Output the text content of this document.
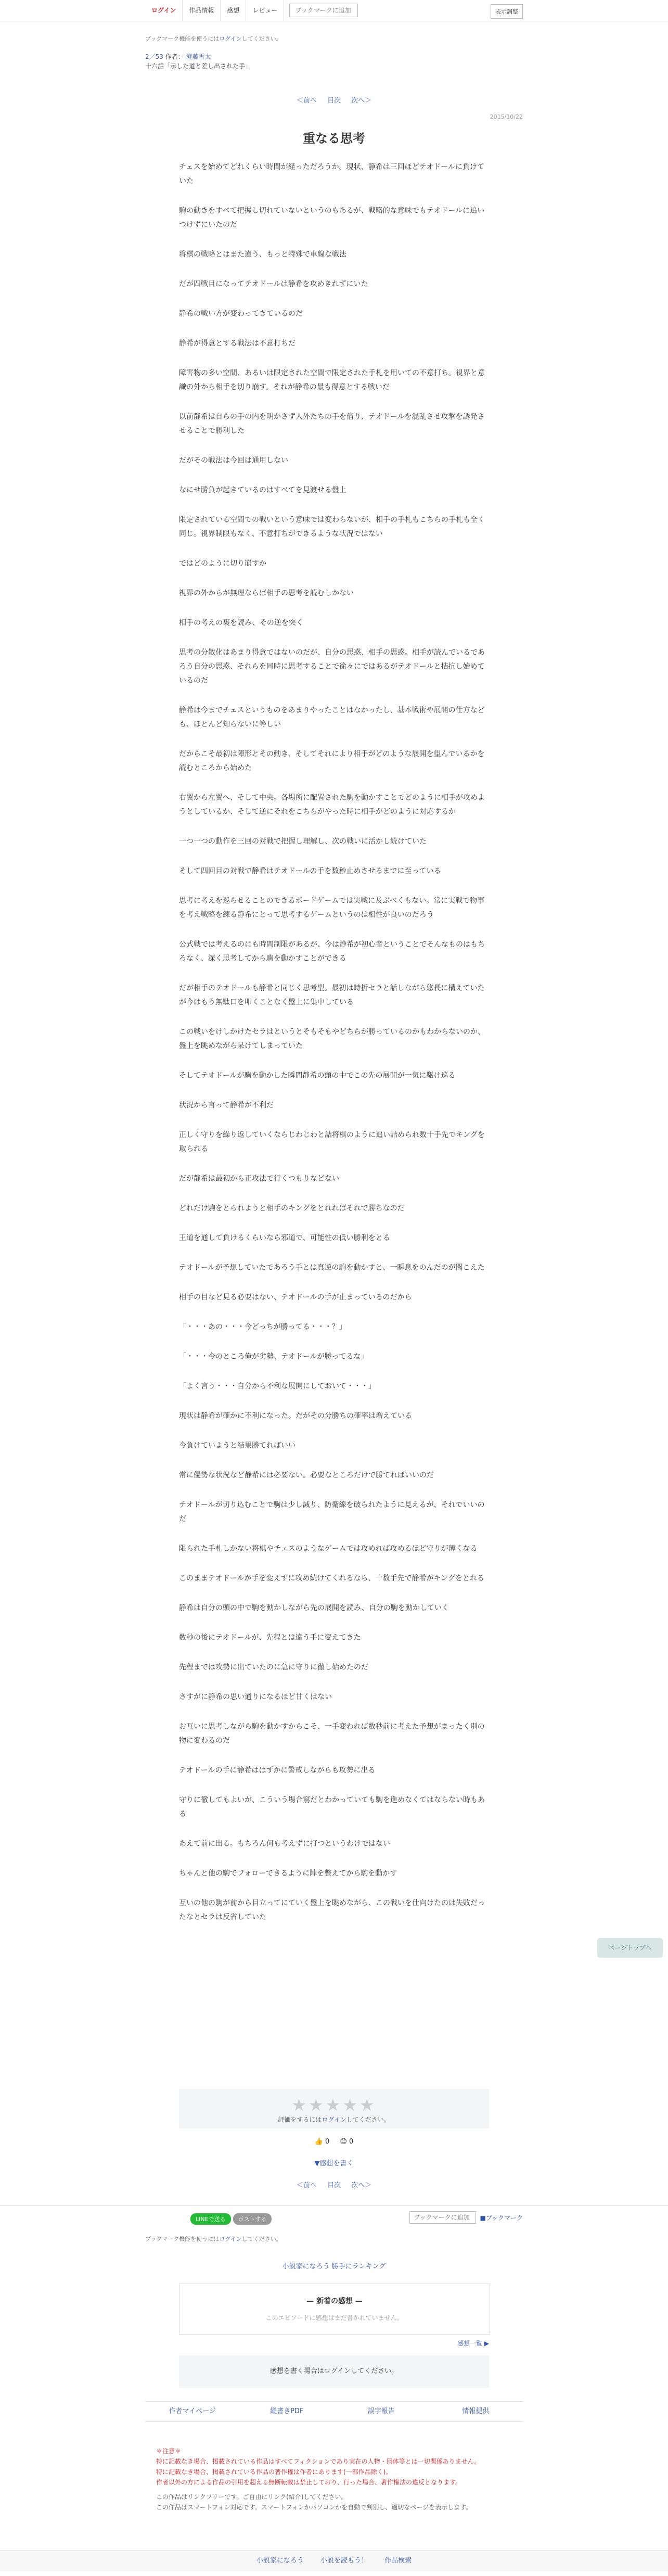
ログイン	作品情報	感想	レビュー
ブックマークに追加	表示調整
ブックマーク機能を使うにはログインしてください。
2／53 作者： 澄藤雪太
十六話「示した道と差し出された手」
＜前へ 目次 次へ＞
2015/10/22
重なる思考

チェスを始めてどれくらい時間が経っただろうか。現状、静希は三回ほどテオドールに負けていた

駒の動きをすべて把握し切れていないというのもあるが、戦略的な意味でもテオドールに追いつけずにいたのだ

将棋の戦略とはまた違う、もっと特殊で車線な戦法

だが四戦目になってテオドールは静希を攻めきれずにいた

静希の戦い方が変わってきているのだ

静希が得意とする戦法は不意打ちだ

障害物の多い空間、あるいは限定された空間で限定された手札を用いての不意打ち。視界と意識の外から相手を切り崩す。それが静希の最も得意とする戦いだ

以前静希は自らの手の内を明かさず人外たちの手を借り、テオドールを混乱させ攻撃を誘発させることで勝利した

だがその戦法は今回は通用しない

なにせ勝負が起きているのはすべてを見渡せる盤上

限定されている空間での戦いという意味では変わらないが、相手の手札もこちらの手札も全く同じ。視界制限もなく、不意打ちができるような状況ではない

ではどのように切り崩すか

視界の外からが無理ならば相手の思考を読むしかない

相手の考えの裏を読み、その逆を突く

思考の分散化はあまり得意ではないのだが、自分の思惑、相手の思惑。相手が読んでいるであろう自分の思惑、それらを同時に思考することで徐々にではあるがテオドールと拮抗し始めているのだ

静希は今までチェスというものをあまりやったことはなかったし、基本戦術や展開の仕方なども、ほとんど知らないに等しい

だからこそ最初は陣形とその動き、そしてそれにより相手がどのような展開を望んでいるかを読むところから始めた

右翼から左翼へ、そして中央。各場所に配置された駒を動かすことでどのように相手が攻めようとしているか、そして逆にそれをこちらがやった時に相手がどのように対応するか

一つ一つの動作を三回の対戦で把握し理解し、次の戦いに活かし続けていた

そして四回目の対戦で静希はテオドールの手を数秒止めさせるまでに至っている

思考に考えを巡らせることのできるボードゲームでは実戦に及ぶべくもない。常に実戦で物事を考え戦略を練る静希にとって思考するゲームというのは相性が良いのだろう

公式戦では考えるのにも時間制限があるが、今は静希が初心者ということでそんなものはもちろなく、深く思考してから駒を動かすことができる

だが相手のテオドールも静希と同じく思考型。最初は時折セラと話しながら悠長に構えていたが今はもう無駄口を叩くことなく盤上に集中している

この戦いをけしかけたセラはというとそもそもやどちらが勝っているのかもわからないのか、盤上を眺めながら呆けてしまっていた

そしてテオドールが駒を動かした瞬間静希の頭の中でこの先の展開が一気に駆け巡る

状況から言って静希が不利だ

正しく守りを繰り返していくならじわじわと詰将棋のように追い詰められ数十手先でキングを取られる

だが静希は最初から正攻法で行くつもりなどない

どれだけ駒をとられようと相手のキングをとれればそれで勝ちなのだ

王道を通して負けるくらいなら邪道で、可能性の低い勝利をとる

テオドールが予想していたであろう手とは真逆の駒を動かすと、一瞬息をのんだのが聞こえた

相手の目など見る必要はない、テオドールの手が止まっているのだから

「・・・あの・・・今どっちが勝ってる・・・？」

「・・・今のところ俺が劣勢、テオドールが勝ってるな」

「よく言う・・・自分から不利な展開にしておいて・・・」

現状は静希が確かに不利になった。だがその分勝ちの確率は増えている

今負けていようと結果勝てればいい

常に優勢な状況など静希には必要ない。必要なところだけで勝てればいいのだ

テオドールが切り込むことで駒は少し減り、防衛線を破られたように見えるが、それでいいのだ

限られた手札しかない将棋やチェスのようなゲームでは攻めれば攻めるほど守りが薄くなる

このままテオドールが手を変えずに攻め続けてくれるなら、十数手先で静希がキングをとれる

静希は自分の頭の中で駒を動かしながら先の展開を読み、自分の駒を動かしていく

数秒の後にテオドールが、先程とは違う手に変えてきた

先程までは攻勢に出ていたのに急に守りに徹し始めたのだ

さすがに静希の思い通りになるほど甘くはない

お互いに思考しながら駒を動かすからこそ、一手変われば数秒前に考えた予想がまったく別の物に変わるのだ

テオドールの手に静希ははずかに警戒しながらも攻勢に出る

守りに徹してもよいが、こういう場合窮だとわかっていても駒を進めなくてはならない時もある

あえて前に出る。もちろん何も考えずに打つというわけではない

ちゃんと他の駒でフォローできるように陣を整えてから駒を動かす

互いの他の駒が前から目立ってにていく盤上を眺めながら、この戦いを仕向けたのは失敗だったなとセラは反省していた

ページトップへ
★★★★★
評価をするにはログインしてください。
👍 0 😊 0
▼感想を書く
＜前へ 目次 次へ＞
LINEで送る ポストする
ブックマークに追加	■ブックマーク
ブックマーク機能を使うにはログインしてください。
小説家になろう 勝手にランキング
— 新着の感想 —
このエピソードに感想はまだ書かれていません。
感想一覧 ▶
感想を書く場合はログインしてください。
作者マイページ	縦書きPDF	誤字報告	情報提供
＊注意＊
特に記載なき場合、掲載されている作品はすべてフィクションであり実在の人物・団体等とは一切関係ありません。
特に記載なき場合、掲載されている作品の著作権は作者にあります(一部作品除く)。
作者以外の方による作品の引用を超える無断転載は禁止しており、行った場合、著作権法の違反となります。
この作品はリンクフリーです。ご自由にリンク(紹介)してください。
この作品はスマートフォン対応です。スマートフォンかパソコンかを自動で判別し、適切なページを表示します。
小説家になろう 小説を読もう！ 作品検索
